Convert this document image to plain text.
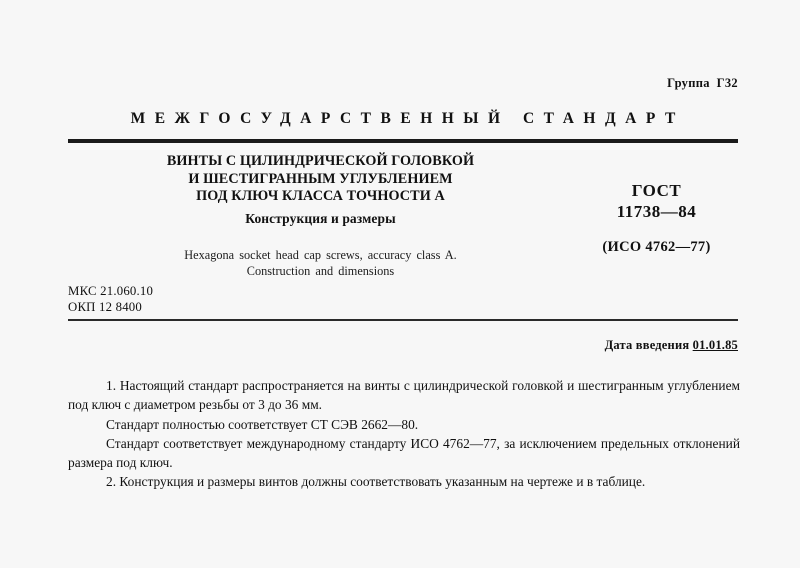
Группа  Г32
МЕЖГОСУДАРСТВЕННЫЙ СТАНДАРТ
ВИНТЫ С ЦИЛИНДРИЧЕСКОЙ ГОЛОВКОЙ
И ШЕСТИГРАННЫМ УГЛУБЛЕНИЕМ
ПОД КЛЮЧ КЛАССА ТОЧНОСТИ А
Конструкция и размеры
Hexagona socket head cap screws, accuracy class A.
Construction and dimensions
ГОСТ
11738—84
(ИСО 4762—77)
МКС 21.060.10
ОКП 12 8400
Дата введения 01.01.85

1. Настоящий стандарт распространяется на винты с цилиндрической головкой и шестигранным углублением под ключ с диаметром резьбы от 3 до 36 мм.

Стандарт полностью соответствует СТ СЭВ 2662—80.

Стандарт соответствует международному стандарту ИСО 4762—77, за исключением предельных отклонений размера под ключ.

2. Конструкция и размеры винтов должны соответствовать указанным на чертеже и в таблице.
